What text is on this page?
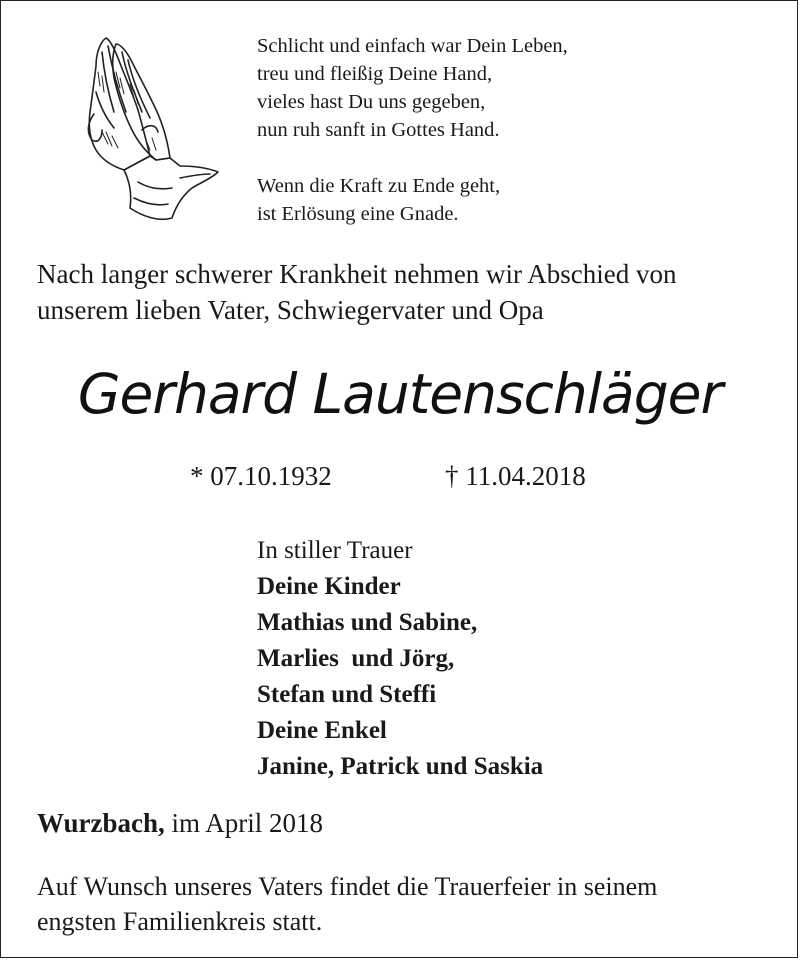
Schlicht und einfach war Dein Leben,
treu und fleißig Deine Hand,
vieles hast Du uns gegeben,
nun ruh sanft in Gottes Hand.
Wenn die Kraft zu Ende geht,
ist Erlösung eine Gnade.
Nach langer schwerer Krankheit nehmen wir Abschied von
unserem lieben Vater, Schwiegervater und Opa
Gerhard Lautenschläger
* 07.10.1932	† 11.04.2018
In stiller Trauer
Deine Kinder
Mathias und Sabine,
Marlies  und Jörg,
Stefan und Steffi
Deine Enkel
Janine, Patrick und Saskia
Wurzbach, im April 2018
Auf Wunsch unseres Vaters findet die Trauerfeier in seinem
engsten Familienkreis statt.
